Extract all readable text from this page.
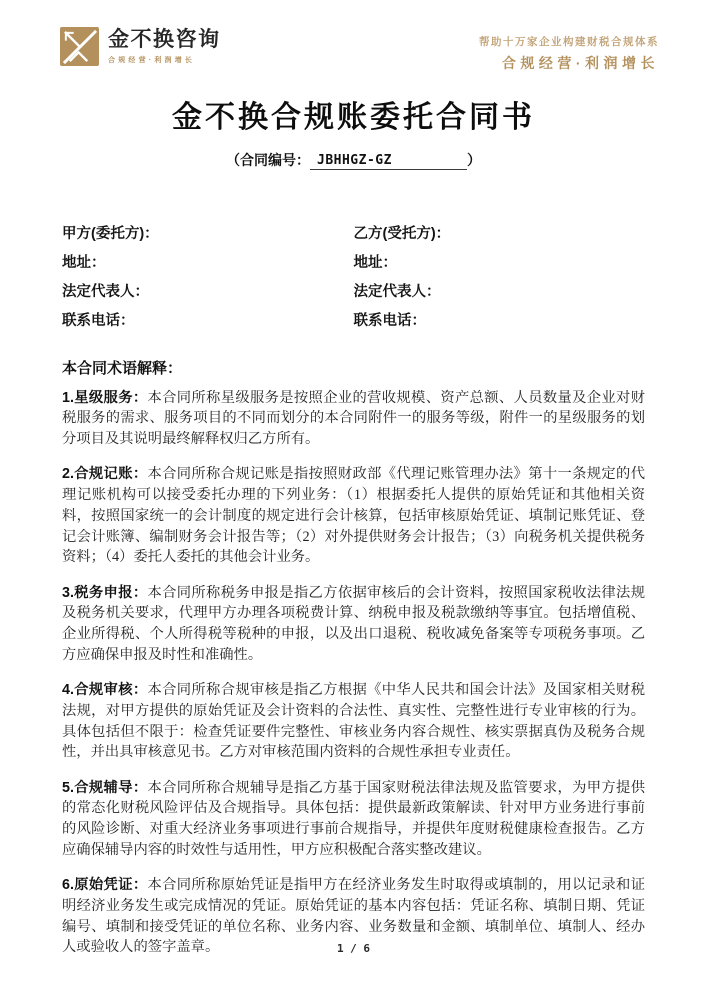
金不换咨询
合规经营·利润增长
帮助十万家企业构建财税合规体系
合规经营·利润增长
金不换合规账委托合同书
（合同编号： JBHHGZ-GZ	）
甲方(委托方)：	乙方(受托方)：
地址：	地址：
法定代表人：	法定代表人：
联系电话：	联系电话：
本合同术语解释：

1.星级服务：本合同所称星级服务是按照企业的营收规模、资产总额、人员数量及企业对财税服务的需求、服务项目的不同而划分的本合同附件一的服务等级，附件一的星级服务的划分项目及其说明最终解释权归乙方所有。

2.合规记账：本合同所称合规记账是指按照财政部《代理记账管理办法》第十一条规定的代理记账机构可以接受委托办理的下列业务：（1）根据委托人提供的原始凭证和其他相关资料，按照国家统一的会计制度的规定进行会计核算，包括审核原始凭证、填制记账凭证、登记会计账簿、编制财务会计报告等；（2）对外提供财务会计报告；（3）向税务机关提供税务资料；（4）委托人委托的其他会计业务。

3.税务申报：本合同所称税务申报是指乙方依据审核后的会计资料，按照国家税收法律法规及税务机关要求，代理甲方办理各项税费计算、纳税申报及税款缴纳等事宜。包括增值税、企业所得税、个人所得税等税种的申报，以及出口退税、税收减免备案等专项税务事项。乙方应确保申报及时性和准确性。

4.合规审核：本合同所称合规审核是指乙方根据《中华人民共和国会计法》及国家相关财税法规，对甲方提供的原始凭证及会计资料的合法性、真实性、完整性进行专业审核的行为。具体包括但不限于：检查凭证要件完整性、审核业务内容合规性、核实票据真伪及税务合规性，并出具审核意见书。乙方对审核范围内资料的合规性承担专业责任。

5.合规辅导：本合同所称合规辅导是指乙方基于国家财税法律法规及监管要求，为甲方提供的常态化财税风险评估及合规指导。具体包括：提供最新政策解读、针对甲方业务进行事前的风险诊断、对重大经济业务事项进行事前合规指导，并提供年度财税健康检查报告。乙方应确保辅导内容的时效性与适用性，甲方应积极配合落实整改建议。

6.原始凭证：本合同所称原始凭证是指甲方在经济业务发生时取得或填制的，用以记录和证明经济业务发生或完成情况的凭证。原始凭证的基本内容包括：凭证名称、填制日期、凭证编号、填制和接受凭证的单位名称、业务内容、业务数量和金额、填制单位、填制人、经办人或验收人的签字盖章。	1 / 6
